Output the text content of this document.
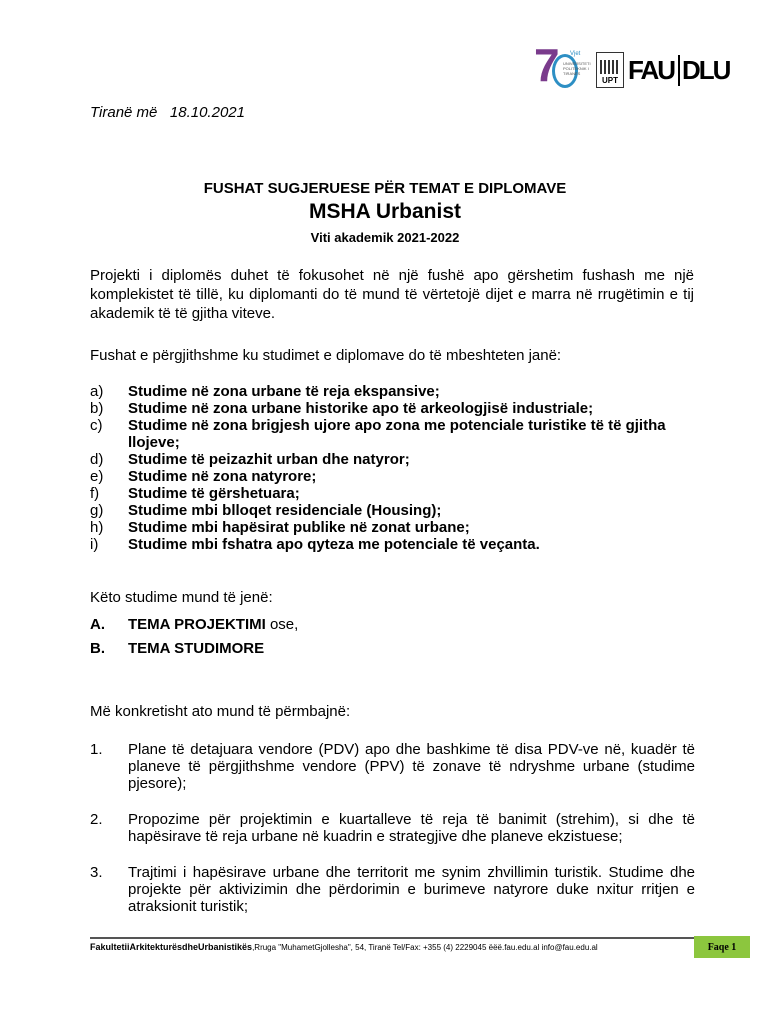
7	Vjet
UNIVERSITETI POLITEKNIK I TIRANËS
UPT FAU DLU
Tiranë më   18.10.2021
FUSHAT SUGJERUESE PËR TEMAT E DIPLOMAVE
MSHA Urbanist
Viti akademik 2021-2022
Projekti i diplomës duhet të fokusohet në një fushë apo gërshetim fushash me një komplekistet të tillë, ku diplomanti do të mund të vërtetojë dijet e marra në rrugëtimin e tij akademik të të gjitha viteve.
Fushat e përgjithshme ku studimet e diplomave do të mbeshteten janë:
a)	Studime në zona urbane të reja ekspansive;
b)	Studime në zona urbane historike apo të arkeologjisë industriale;
c)	Studime në zona brigjesh ujore apo zona me potenciale turistike të të gjitha llojeve;
d)	Studime të peizazhit urban dhe natyror;
e)	Studime në zona natyrore;
f)	Studime të gërshetuara;
g)	Studime mbi blloqet residenciale (Housing);
h)	Studime mbi hapësirat publike në zonat urbane;
i)	Studime mbi fshatra apo qyteza me potenciale të veçanta.
Këto studime mund të jenë:
A.	TEMA PROJEKTIMI ose,
B.	TEMA STUDIMORE
Më konkretisht ato mund të përmbajnë:
1.	Plane të detajuara vendore (PDV) apo dhe bashkime të disa PDV-ve në, kuadër të planeve të përgjithshme vendore (PPV) të zonave të ndryshme urbane (studime pjesore);
2.	Propozime për projektimin e kuartalleve të reja të banimit (strehim), si dhe të hapësirave të reja urbane në kuadrin e strategjive dhe planeve ekzistuese;
3.	Trajtimi i hapësirave urbane dhe territorit me synim zhvillimin turistik. Studime dhe projekte për aktivizimin dhe përdorimin e burimeve natyrore duke nxitur rritjen e atraksionit turistik;
FakultetiiArkitekturësdheUrbanistikës,Rruga "MuhametGjollesha", 54, Tiranë Tel/Fax: +355 (4) 2229045 ëëë.fau.edu.al info@fau.edu.al	Faqe 1
